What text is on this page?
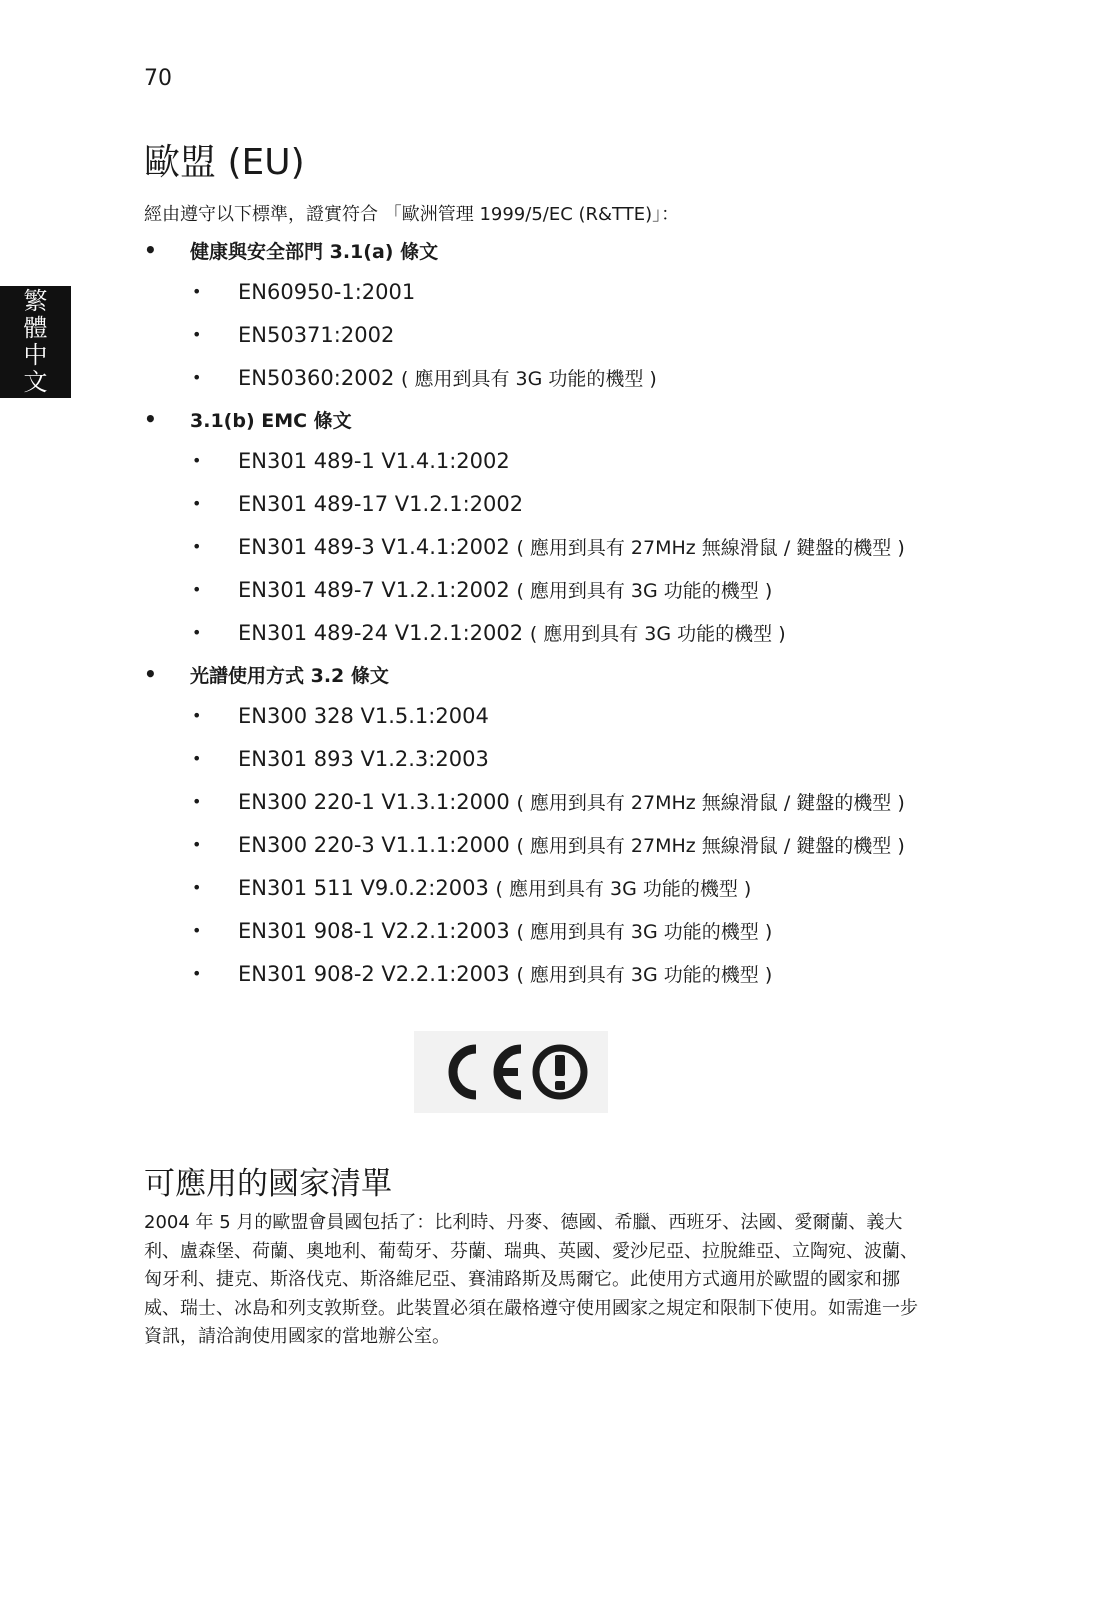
70
繁
體
中
文
歐盟 (EU)

經由遵守以下標準，證實符合 「歐洲管理 1999/5/EC (R&TTE)」：

•	健康與安全部門 3.1(a) 條文
•	EN60950-1:2001
•	EN50371:2002
•	EN50360:2002
( 應用到具有 3G 功能的機型 )
•	3.1(b) EMC 條文
•	EN301 489-1 V1.4.1:2002
•	EN301 489-17 V1.2.1:2002
•	EN301 489-3 V1.4.1:2002
( 應用到具有 27MHz 無線滑鼠 / 鍵盤的機型 )
•	EN301 489-7 V1.2.1:2002
( 應用到具有 3G 功能的機型 )
•	EN301 489-24 V1.2.1:2002
( 應用到具有 3G 功能的機型 )
•	光譜使用方式 3.2 條文
•	EN300 328 V1.5.1:2004
•	EN301 893 V1.2.3:2003
•	EN300 220-1 V1.3.1:2000
( 應用到具有 27MHz 無線滑鼠 / 鍵盤的機型 )
•	EN300 220-3 V1.1.1:2000
( 應用到具有 27MHz 無線滑鼠 / 鍵盤的機型 )
•	EN301 511 V9.0.2:2003
( 應用到具有 3G 功能的機型 )
•	EN301 908-1 V2.2.1:2003
( 應用到具有 3G 功能的機型 )
•	EN301 908-2 V2.2.1:2003
( 應用到具有 3G 功能的機型 )
可應用的國家清單

2004 年 5 月的歐盟會員國包括了：比利時、丹麥、德國、希臘、西班牙、法國、愛爾蘭、義大利、盧森堡、荷蘭、奧地利、葡萄牙、芬蘭、瑞典、英國、愛沙尼亞、拉脫維亞、立陶宛、波蘭、匈牙利、捷克、斯洛伐克、斯洛維尼亞、賽浦路斯及馬爾它。此使用方式適用於歐盟的國家和挪威、瑞士、冰島和列支敦斯登。此裝置必須在嚴格遵守使用國家之規定和限制下使用。如需進一步資訊，請洽詢使用國家的當地辦公室。
